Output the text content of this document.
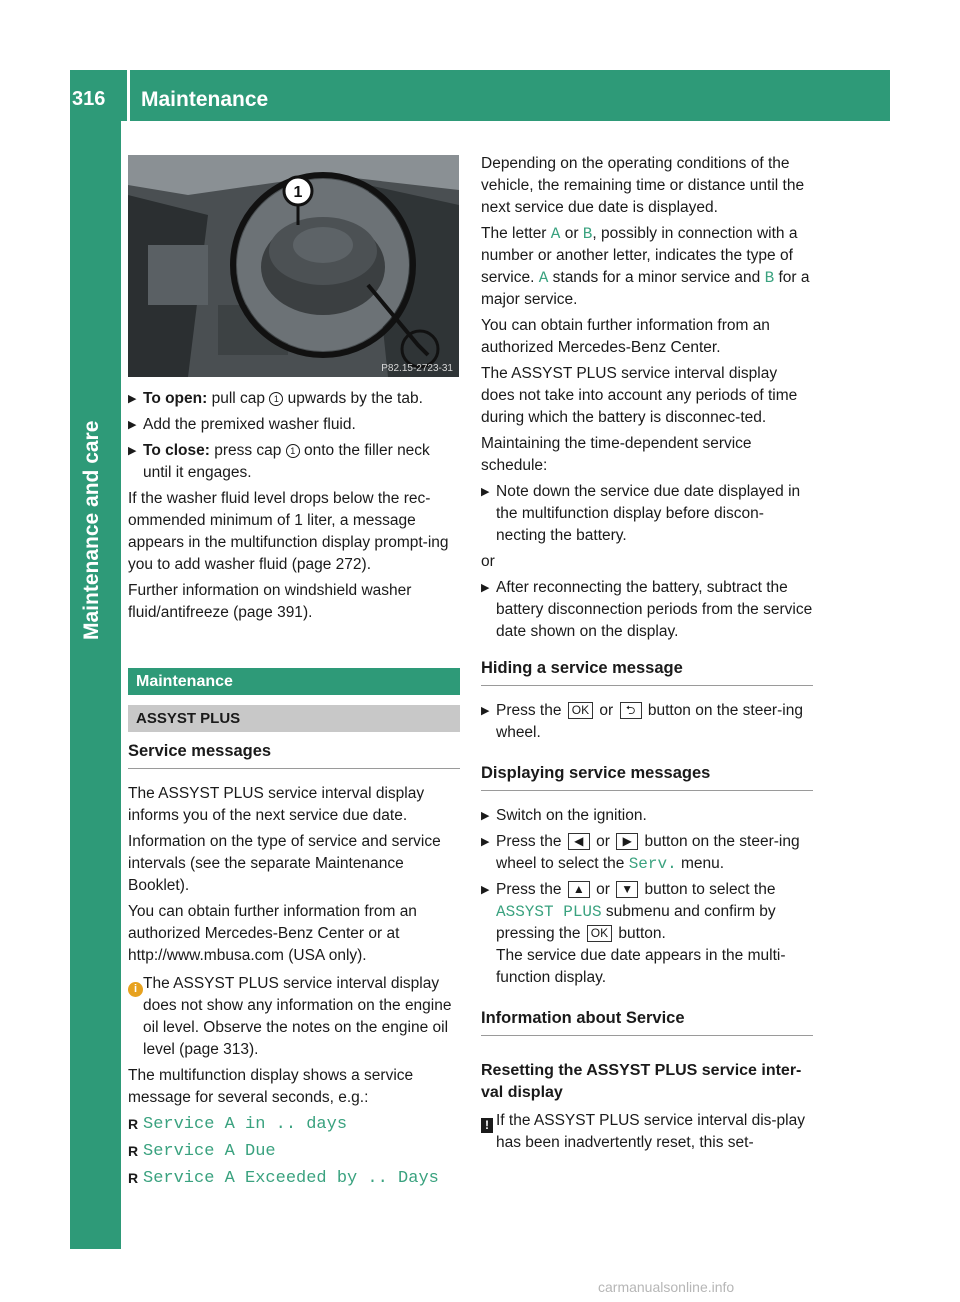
316	Maintenance
Maintenance and care
1
P82.15-2723-31
▶ To open: pull cap 1 upwards by the tab.
▶ Add the premixed washer fluid.
▶ To close: press cap 1 onto the filler neck until it engages.

If the washer fluid level drops below the rec-ommended minimum of 1 liter, a message appears in the multifunction display prompt-ing you to add washer fluid (page 272).

Further information on windshield washer fluid/antifreeze (page 391).

Maintenance
ASSYST PLUS
Service messages

The ASSYST PLUS service interval display informs you of the next service due date.

Information on the type of service and service intervals (see the separate Maintenance Booklet).

You can obtain further information from an authorized Mercedes-Benz Center or at http://www.mbusa.com (USA only).

i The ASSYST PLUS service interval display does not show any information on the engine oil level. Observe the notes on the engine oil level (page 313).

The multifunction display shows a service message for several seconds, e.g.:

R Service A in .. days
R Service A Due
R Service A Exceeded by .. Days

Depending on the operating conditions of the vehicle, the remaining time or distance until the next service due date is displayed.

The letter A or B, possibly in connection with a number or another letter, indicates the type of service. A stands for a minor service and B for a major service.

You can obtain further information from an authorized Mercedes-Benz Center.

The ASSYST PLUS service interval display does not take into account any periods of time during which the battery is disconnec-ted.

Maintaining the time-dependent service schedule:

▶ Note down the service due date displayed in the multifunction display before discon-necting the battery.

or

▶ After reconnecting the battery, subtract the battery disconnection periods from the service date shown on the display.
Hiding a service message
▶ Press the OK or ⮌ button on the steer-ing wheel.
Displaying service messages
▶ Switch on the ignition.
▶ Press the ◀ or ▶ button on the steer-ing wheel to select the Serv. menu.
▶ Press the ▲ or ▼ button to select the ASSYST PLUS submenu and confirm by pressing the OK button.
The service due date appears in the multi-function display.
Information about Service

Resetting the ASSYST PLUS service inter-val display

! If the ASSYST PLUS service interval dis-play has been inadvertently reset, this set-
carmanualsonline.info
